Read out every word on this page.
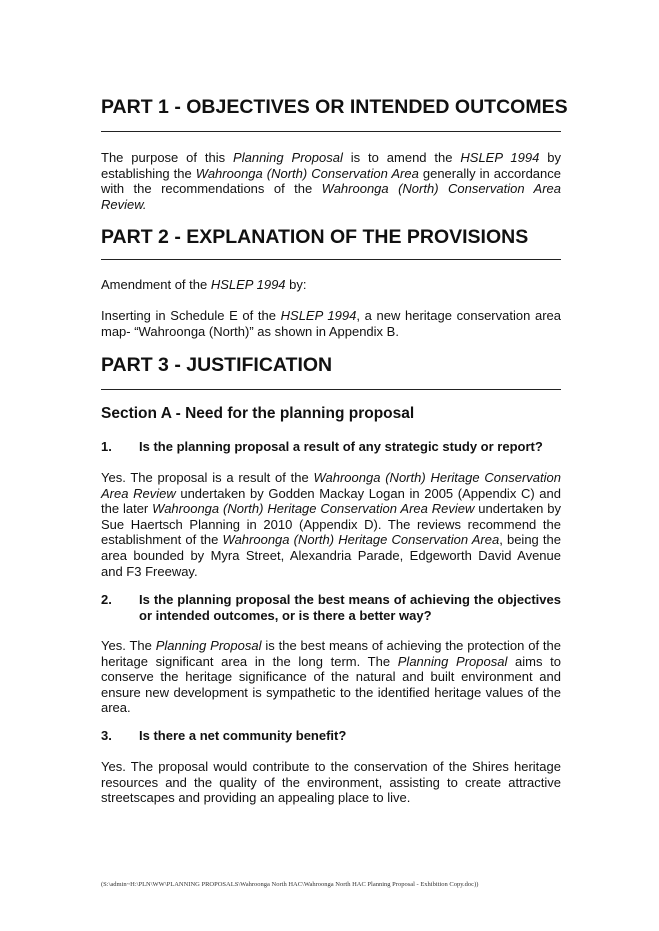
PART 1 - OBJECTIVES OR INTENDED OUTCOMES
The purpose of this Planning Proposal is to amend the HSLEP 1994 by establishing the Wahroonga (North) Conservation Area generally in accordance with the recommendations of the Wahroonga (North) Conservation Area Review.
PART 2 - EXPLANATION OF THE PROVISIONS
Amendment of the HSLEP 1994 by:
Inserting in Schedule E of the HSLEP 1994, a new heritage conservation area map- “Wahroonga (North)” as shown in Appendix B.
PART 3 - JUSTIFICATION
Section A - Need for the planning proposal
1.	Is the planning proposal a result of any strategic study or report?
Yes. The proposal is a result of the Wahroonga (North) Heritage Conservation Area Review undertaken by Godden Mackay Logan in 2005 (Appendix C) and the later Wahroonga (North) Heritage Conservation Area Review undertaken by Sue Haertsch Planning in 2010 (Appendix D). The reviews recommend the establishment of the Wahroonga (North) Heritage Conservation Area, being the area bounded by Myra Street, Alexandria Parade, Edgeworth David Avenue and F3 Freeway.
2.	Is the planning proposal the best means of achieving the objectives or intended outcomes, or is there a better way?
Yes. The Planning Proposal is the best means of achieving the protection of the heritage significant area in the long term. The Planning Proposal aims to conserve the heritage significance of the natural and built environment and ensure new development is sympathetic to the identified heritage values of the area.
3.	Is there a net community benefit?
Yes. The proposal would contribute to the conservation of the Shires heritage resources and the quality of the environment, assisting to create attractive streetscapes and providing an appealing place to live.
(S:\admin~H:\PLN\WW\PLANNING PROPOSALS\Wahroonga North HAC\Wahroonga North HAC Planning Proposal - Exhibition Copy.doc))
